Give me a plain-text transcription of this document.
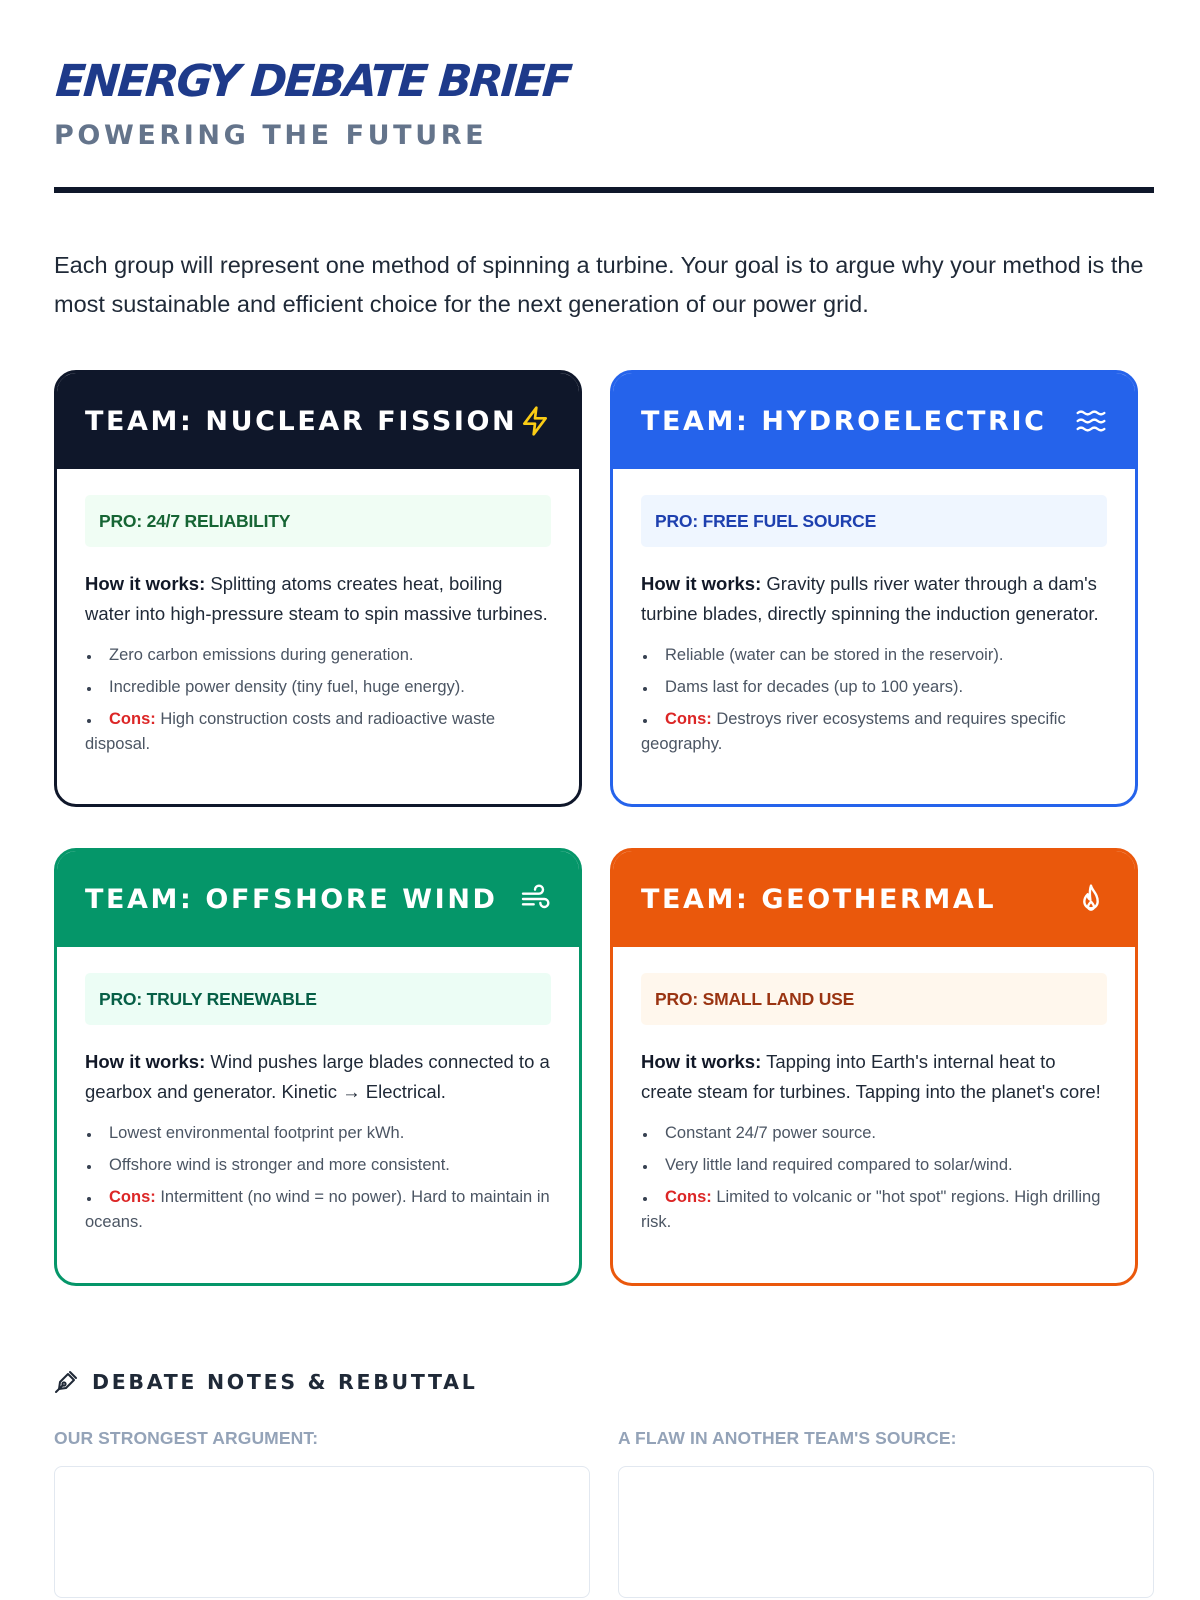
ENERGY DEBATE BRIEF
POWERING THE FUTURE

Each group will represent one method of spinning a turbine. Your goal is to argue why your method is the most sustainable and efficient choice for the next generation of our power grid.

TEAM: NUCLEAR FISSION
PRO: 24/7 RELIABILITY

How it works: Splitting atoms creates heat, boiling water into high-pressure steam to spin massive turbines.

Zero carbon emissions during generation.
Incredible power density (tiny fuel, huge energy).
Cons: High construction costs and radioactive waste disposal.
TEAM: HYDROELECTRIC
PRO: FREE FUEL SOURCE

How it works: Gravity pulls river water through a dam's turbine blades, directly spinning the induction generator.

Reliable (water can be stored in the reservoir).
Dams last for decades (up to 100 years).
Cons: Destroys river ecosystems and requires specific geography.
TEAM: OFFSHORE WIND
PRO: TRULY RENEWABLE

How it works: Wind pushes large blades connected to a gearbox and generator. Kinetic → Electrical.

Lowest environmental footprint per kWh.
Offshore wind is stronger and more consistent.
Cons: Intermittent (no wind = no power). Hard to maintain in oceans.
TEAM: GEOTHERMAL
PRO: SMALL LAND USE

How it works: Tapping into Earth's internal heat to create steam for turbines. Tapping into the planet's core!

Constant 24/7 power source.
Very little land required compared to solar/wind.
Cons: Limited to volcanic or "hot spot" regions. High drilling risk.
DEBATE NOTES & REBUTTAL
OUR STRONGEST ARGUMENT:	A FLAW IN ANOTHER TEAM'S SOURCE:
